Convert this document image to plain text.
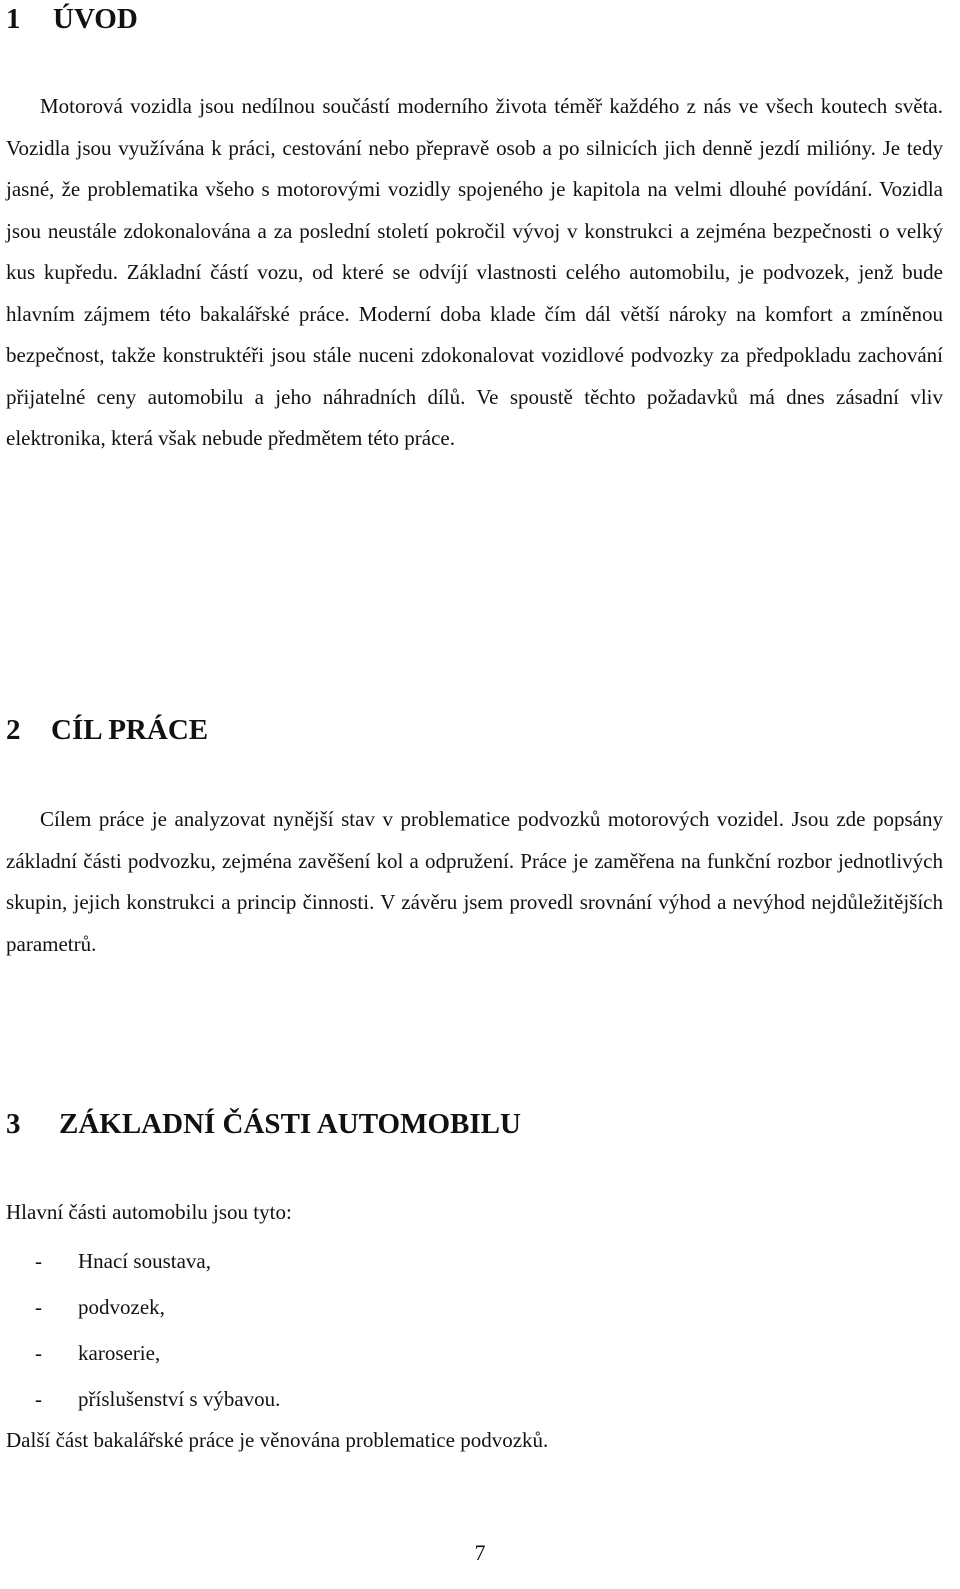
1 ÚVOD

Motorová vozidla jsou nedílnou součástí moderního života téměř každého z nás ve všech koutech světa. Vozidla jsou využívána k práci, cestování nebo přepravě osob a po silnicích jich denně jezdí milióny. Je tedy jasné, že problematika všeho s motorovými vozidly spojeného je kapitola na velmi dlouhé povídání. Vozidla jsou neustále zdokonalována a za poslední století pokročil vývoj v konstrukci a zejména bezpečnosti o velký kus kupředu. Základní částí vozu, od které se odvíjí vlastnosti celého automobilu, je podvozek, jenž bude hlavním zájmem této bakalářské práce. Moderní doba klade čím dál větší nároky na komfort a zmíněnou bezpečnost, takže konstruktéři jsou stále nuceni zdokonalovat vozidlové podvozky za předpokladu zachování přijatelné ceny automobilu a jeho náhradních dílů. Ve spoustě těchto požadavků má dnes zásadní vliv elektronika, která však nebude předmětem této práce.

2 CÍL PRÁCE

Cílem práce je analyzovat nynější stav v problematice podvozků motorových vozidel. Jsou zde popsány základní části podvozku, zejména zavěšení kol a odpružení. Práce je zaměřena na funkční rozbor jednotlivých skupin, jejich konstrukci a princip činnosti. V závěru jsem provedl srovnání výhod a nevýhod nejdůležitějších parametrů.

3 ZÁKLADNÍ ČÁSTI AUTOMOBILU

Hlavní části automobilu jsou tyto:

- Hnací soustava,
- podvozek,
- karoserie,
- příslušenství s výbavou.

Další část bakalářské práce je věnována problematice podvozků.

7
